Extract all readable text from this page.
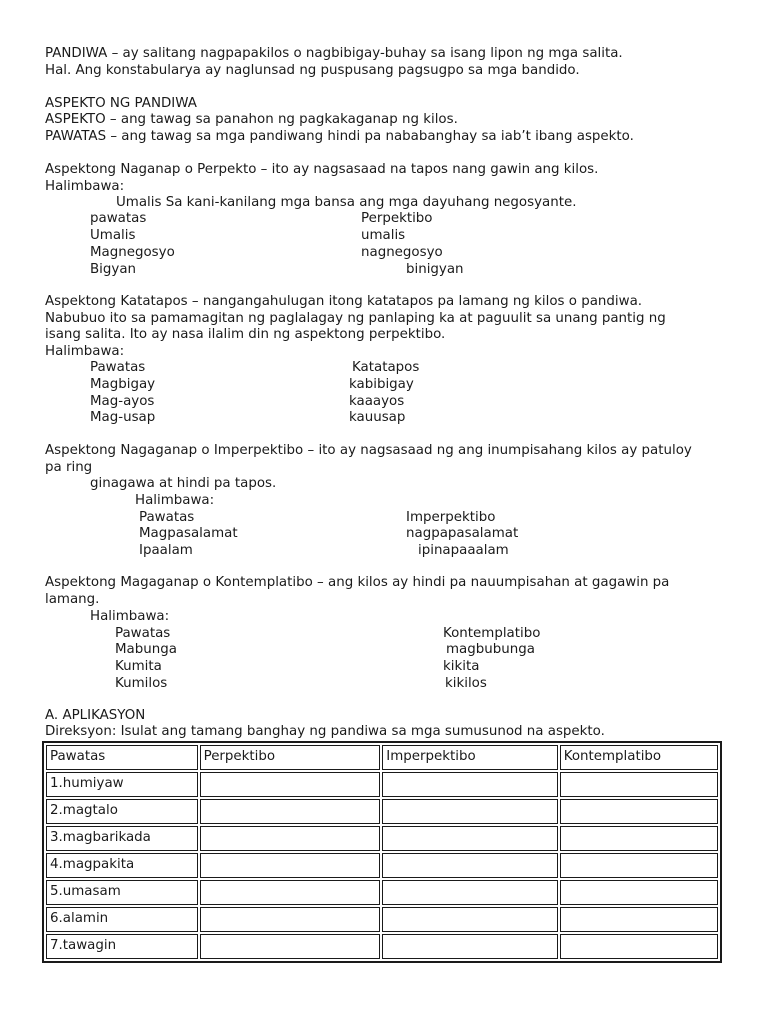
PANDIWA – ay salitang nagpapakilos o nagbibigay-buhay sa isang lipon ng mga salita.
Hal. Ang konstabularya ay naglunsad ng puspusang pagsugpo sa mga bandido.
ASPEKTO NG PANDIWA
ASPEKTO – ang tawag sa panahon ng pagkakaganap ng kilos.
PAWATAS – ang tawag sa mga pandiwang hindi pa nababanghay sa iab’t ibang aspekto.
Aspektong Naganap o Perpekto – ito ay nagsasaad na tapos nang gawin ang kilos.
Halimbawa:
Umalis Sa kani-kanilang mga bansa ang mga dayuhang negosyante.
pawatas	Perpektibo
Umalis	umalis
Magnegosyo	nagnegosyo
Bigyan	binigyan
Aspektong Katatapos – nangangahulugan itong katatapos pa lamang ng kilos o pandiwa.
Nabubuo ito sa pamamagitan ng paglalagay ng panlaping ka at paguulit sa unang pantig ng
isang salita. Ito ay nasa ilalim din ng aspektong perpektibo.
Halimbawa:
Pawatas	Katatapos
Magbigay	kabibigay
Mag-ayos	kaaayos
Mag-usap	kauusap
Aspektong Nagaganap o Imperpektibo – ito ay nagsasaad ng ang inumpisahang kilos ay patuloy
pa ring
ginagawa at hindi pa tapos.
Halimbawa:
Pawatas	Imperpektibo
Magpasalamat	nagpapasalamat
Ipaalam	ipinapaaalam
Aspektong Magaganap o Kontemplatibo – ang kilos ay hindi pa nauumpisahan at gagawin pa
lamang.
Halimbawa:
Pawatas	Kontemplatibo
Mabunga	magbubunga
Kumita	kikita
Kumilos	kikilos
A. APLIKASYON
Direksyon: Isulat ang tamang banghay ng pandiwa sa mga sumusunod na aspekto.
Pawatas	Perpektibo	Imperpektibo	Kontemplatibo
1.humiyaw			
2.magtalo			
3.magbarikada			
4.magpakita			
5.umasam			
6.alamin			
7.tawagin			
